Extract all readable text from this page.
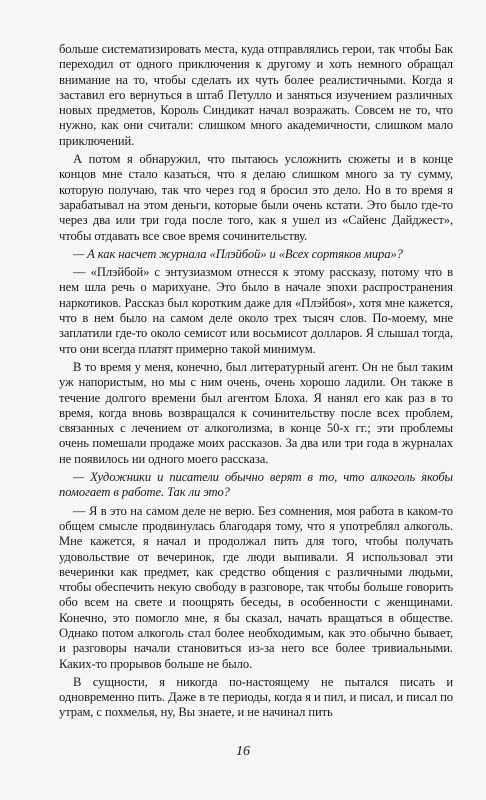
больше систематизировать места, куда отправлялись герои, так чтобы Бак переходил от одного приключения к другому и хоть немного обращал внимание на то, чтобы сделать их чуть более реалистичными. Когда я заставил его вернуться в штаб Петулло и заняться изучением различных новых предметов, Король Синдикат начал возражать. Совсем не то, что нужно, как они считали: слишком много академичности, слишком мало приключений.

А потом я обнаружил, что пытаюсь усложнить сюжеты и в конце концов мне стало казаться, что я делаю слишком много за ту сумму, которую получаю, так что через год я бросил это дело. Но в то время я зарабатывал на этом деньги, которые были очень кстати. Это было где-то через два или три года после того, как я ушел из «Сайенс Дайджест», чтобы отдавать все свое время сочинительству.

— А как насчет журнала «Плэйбой» и «Всех сортяков мира»?

— «Плэйбой» с энтузиазмом отнесся к этому рассказу, потому что в нем шла речь о марихуане. Это было в начале эпохи распространения наркотиков. Рассказ был коротким даже для «Плэйбоя», хотя мне кажется, что в нем было на самом деле около трех тысяч слов. По-моему, мне заплатили где-то около семисот или восьмисот долларов. Я слышал тогда, что они всегда платят примерно такой минимум.

В то время у меня, конечно, был литературный агент. Он не был таким уж напористым, но мы с ним очень, очень хорошо ладили. Он также в течение долгого времени был агентом Блоха. Я нанял его как раз в то время, когда вновь возвращался к сочинительству после всех проблем, связанных с лечением от алкоголизма, в конце 50-х гг.; эти проблемы очень помешали продаже моих рассказов. За два или три года в журналах не появилось ни одного моего рассказа.

— Художники и писатели обычно верят в то, что алкоголь якобы помогает в работе. Так ли это?

— Я в это на самом деле не верю. Без сомнения, моя работа в каком-то общем смысле продвинулась благодаря тому, что я употреблял алкоголь. Мне кажется, я начал и продолжал пить для того, чтобы получать удовольствие от вечеринок, где люди выпивали. Я использовал эти вечеринки как предмет, как средство общения с различными людьми, чтобы обеспечить некую свободу в разговоре, так чтобы больше говорить обо всем на свете и поощрять беседы, в особенности с женщинами. Конечно, это помогло мне, я бы сказал, начать вращаться в обществе. Однако потом алкоголь стал более необходимым, как это обычно бывает, и разговоры начали становиться из-за него все более тривиальными. Каких-то прорывов больше не было.

В сущности, я никогда по-настоящему не пытался писать и одновременно пить. Даже в те периоды, когда я и пил, и писал, и писал по утрам, с похмелья, ну, Вы знаете, и не начинал пить

16
